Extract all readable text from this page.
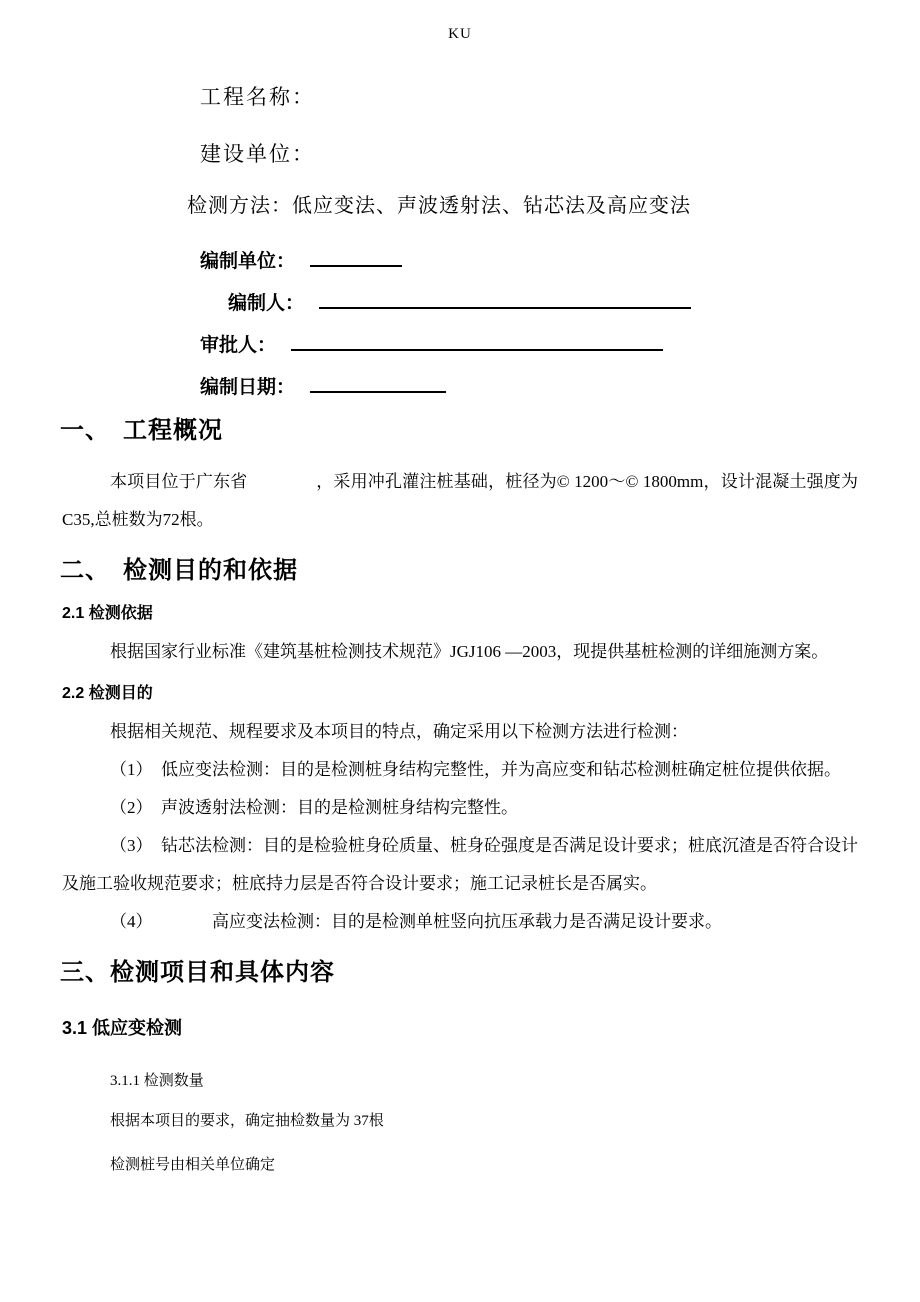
KU
工程名称：
建设单位：
检测方法：低应变法、声波透射法、钻芯法及高应变法
编制单位：
编制人：
审批人：
编制日期：
一、　工程概况

本项目位于广东省　　　　，采用冲孔灌注桩基础，桩径为© 1200～© 1800mm，设计混凝土强度为C35,总桩数为72根。

二、　检测目的和依据
2.1 检测依据

根据国家行业标准《建筑基桩检测技术规范》JGJ106 —2003，现提供基桩检测的详细施测方案。

2.2 检测目的

根据相关规范、规程要求及本项目的特点，确定采用以下检测方法进行检测：

（1）　低应变法检测：目的是检测桩身结构完整性，并为高应变和钻芯检测桩确定桩位提供依据。

（2）　声波透射法检测：目的是检测桩身结构完整性。

（3）　钻芯法检测：目的是检验桩身砼质量、桩身砼强度是否满足设计要求；桩底沉渣是否符合设计及施工验收规范要求；桩底持力层是否符合设计要求；施工记录桩长是否属实。

（4）　　　　高应变法检测：目的是检测单桩竖向抗压承载力是否满足设计要求。

三、检测项目和具体内容
3.1 低应变检测
3.1.1 检测数量
根据本项目的要求，确定抽检数量为 37根
检测桩号由相关单位确定
